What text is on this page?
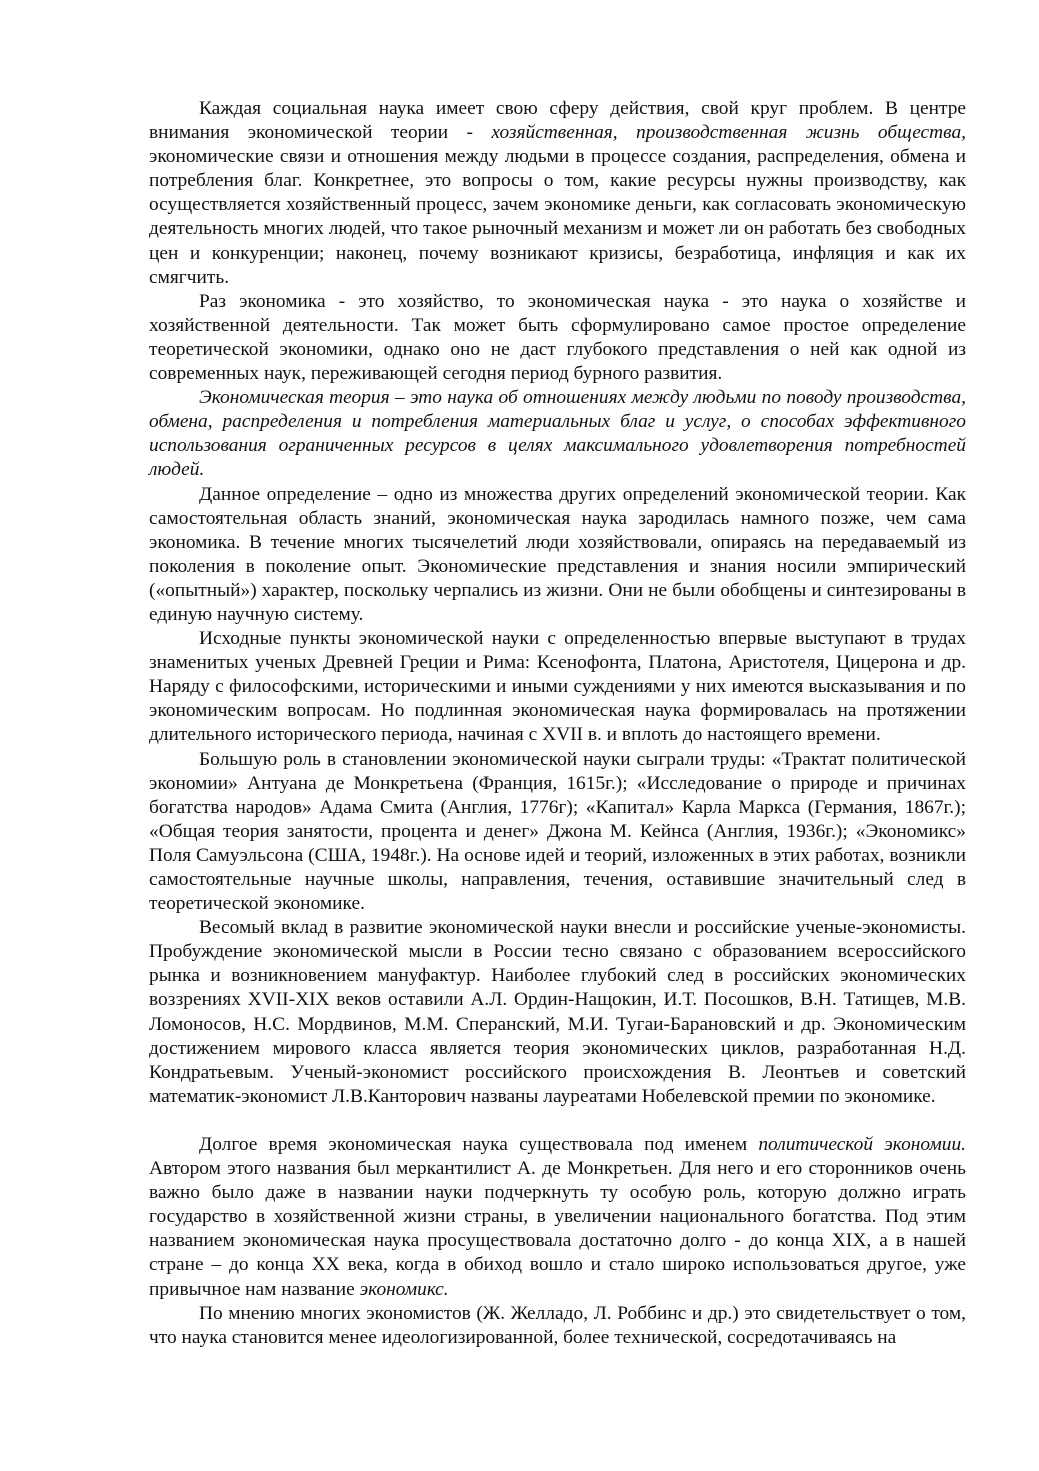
Каждая социальная наука имеет свою сферу действия, свой круг проблем. В центре внимания экономической теории - хозяйственная, производственная жизнь общества, экономические связи и отношения между людьми в процессе создания, распределения, обмена и потребления благ. Конкретнее, это вопросы о том, какие ресурсы нужны производству, как осуществляется хозяйственный процесс, зачем экономике деньги, как согласовать экономическую деятельность многих людей, что такое рыночный механизм и может ли он работать без свободных цен и конкуренции; наконец, почему возникают кризисы, безработица, инфляция и как их смягчить.

Раз экономика - это хозяйство, то экономическая наука - это наука о хозяйстве и хозяйственной деятельности. Так может быть сформулировано самое простое определение теоретической экономики, однако оно не даст глубокого представления о ней как одной из современных наук, переживающей сегодня период бурного развития.

Экономическая теория – это наука об отношениях между людьми по поводу производства, обмена, распределения и потребления материальных благ и услуг, о способах эффективного использования ограниченных ресурсов в целях максимального удовлетворения потребностей людей.

Данное определение – одно из множества других определений экономической теории. Как самостоятельная область знаний, экономическая наука зародилась намного позже, чем сама экономика. В течение многих тысячелетий люди хозяйствовали, опираясь на передаваемый из поколения в поколение опыт. Экономические представления и знания носили эмпирический («опытный») характер, поскольку черпались из жизни. Они не были обобщены и синтезированы в единую научную систему.

Исходные пункты экономической науки с определенностью впервые выступают в трудах знаменитых ученых Древней Греции и Рима: Ксенофонта, Платона, Аристотеля, Цицерона и др. Наряду с философскими, историческими и иными суждениями у них имеются высказывания и по экономическим вопросам. Но подлинная экономическая наука формировалась на протяжении длительного исторического периода, начиная с XVII в. и вплоть до настоящего времени.

Большую роль в становлении экономической науки сыграли труды: «Трактат политической экономии» Антуана де Монкретьена (Франция, 1615г.); «Исследование о природе и причинах богатства народов» Адама Смита (Англия, 1776г); «Капитал» Карла Маркса (Германия, 1867г.); «Общая теория занятости, процента и денег» Джона М. Кейнса (Англия, 1936г.); «Экономикс» Поля Самуэльсона (США, 1948г.). На основе идей и теорий, изложенных в этих работах, возникли самостоятельные научные школы, направления, течения, оставившие значительный след в теоретической экономике.

Весомый вклад в развитие экономической науки внесли и российские ученые-экономисты. Пробуждение экономической мысли в России тесно связано с образованием всероссийского рынка и возникновением мануфактур. Наиболее глубокий след в российских экономических воззрениях XVII-XIX веков оставили А.Л. Ордин-Нащокин, И.Т. Посошков, В.Н. Татищев, М.В. Ломоносов, Н.С. Мордвинов, М.М. Сперанский, М.И. Тугаи-Барановский и др. Экономическим достижением мирового класса является теория экономических циклов, разработанная Н.Д. Кондратьевым. Ученый-экономист российского происхождения В. Леонтьев и советский математик-экономист Л.В.Канторович названы лауреатами Нобелевской премии по экономике.

Долгое время экономическая наука существовала под именем политической экономии. Автором этого названия был меркантилист А. де Монкретьен. Для него и его сторонников очень важно было даже в названии науки подчеркнуть ту особую роль, которую должно играть государство в хозяйственной жизни страны, в увеличении национального богатства. Под этим названием экономическая наука просуществовала достаточно долго - до конца XIX, а в нашей стране – до конца XX века, когда в обиход вошло и стало широко использоваться другое, уже привычное нам название экономикс.

По мнению многих экономистов (Ж. Желладо, Л. Роббинс и др.) это свидетельствует о том, что наука становится менее идеологизированной, более технической, сосредотачиваясь на
